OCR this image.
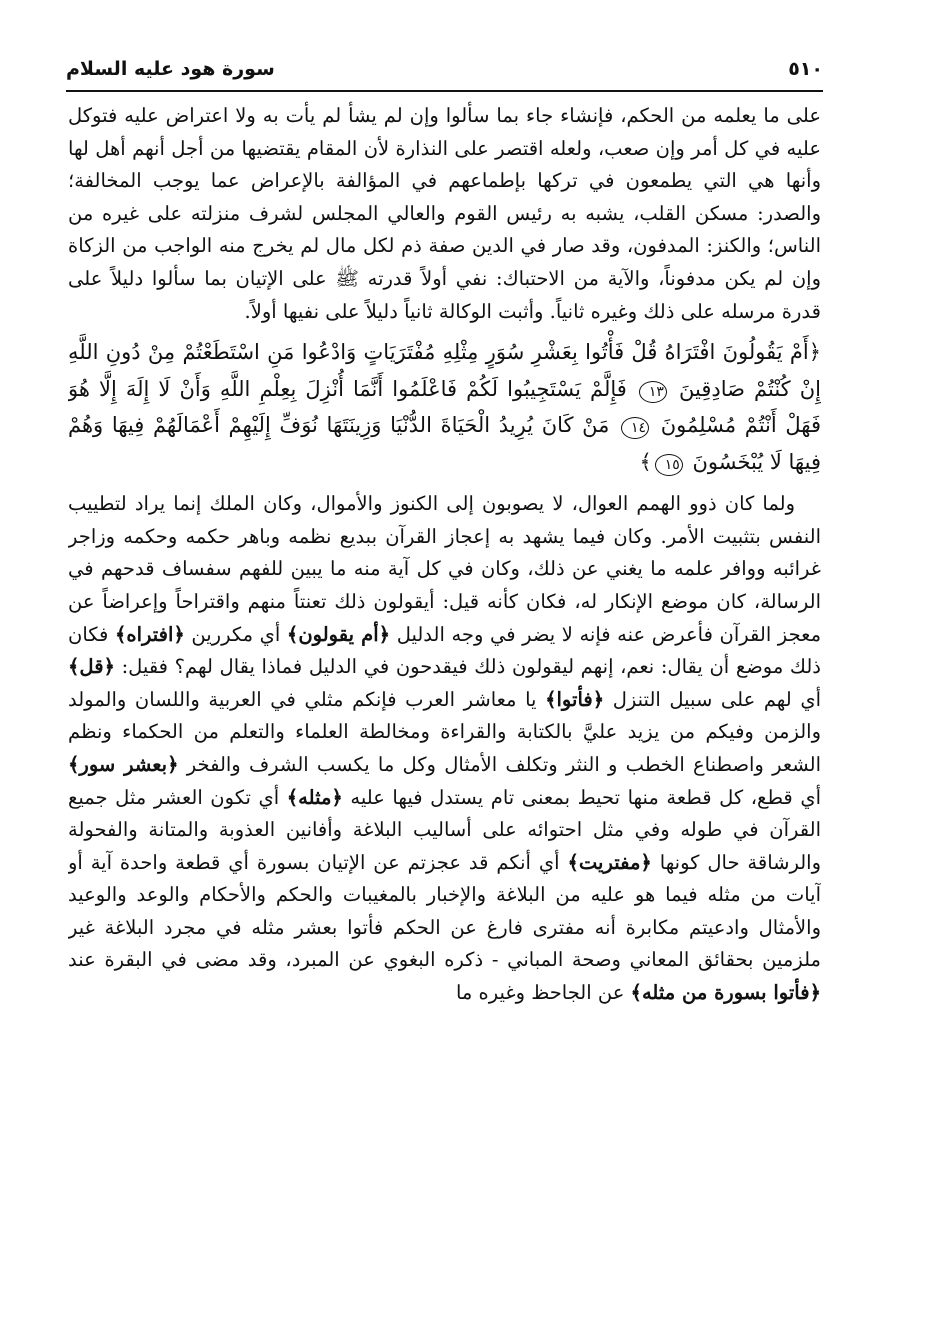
٥١٠
سورة هود عليه السلام

على ما يعلمه من الحكم، فإنشاء جاء بما سألوا وإن لم يشأ لم يأت به ولا اعتراض عليه فتوكل عليه في كل أمر وإن صعب، ولعله اقتصر على النذارة لأن المقام يقتضيها من أجل أنهم أهل لها وأنها هي التي يطمعون في تركها بإطماعهم في المؤالفة بالإعراض عما يوجب المخالفة؛ والصدر: مسكن القلب، يشبه به رئيس القوم والعالي المجلس لشرف منزلته على غيره من الناس؛ والكنز: المدفون، وقد صار في الدين صفة ذم لكل مال لم يخرج منه الواجب من الزكاة وإن لم يكن مدفوناً، والآية من الاحتباك: نفي أولاً قدرته ﷺ على الإتيان بما سألوا دليلاً على قدرة مرسله على ذلك وغيره ثانياً. وأثبت الوكالة ثانياً دليلاً على نفيها أولاً.

﴿أَمْ يَقُولُونَ افْتَرَاهُ قُلْ فَأْتُوا بِعَشْرِ سُوَرٍ مِثْلِهِ مُفْتَرَيَاتٍ وَادْعُوا مَنِ اسْتَطَعْتُمْ مِنْ دُونِ اللَّهِ إِنْ كُنْتُمْ صَادِقِينَ ١٣ فَإِلَّمْ يَسْتَجِيبُوا لَكُمْ فَاعْلَمُوا أَنَّمَا أُنْزِلَ بِعِلْمِ اللَّهِ وَأَنْ لَا إِلَهَ إِلَّا هُوَ فَهَلْ أَنْتُمْ مُسْلِمُونَ ١٤ مَنْ كَانَ يُرِيدُ الْحَيَاةَ الدُّنْيَا وَزِينَتَهَا نُوَفِّ إِلَيْهِمْ أَعْمَالَهُمْ فِيهَا وَهُمْ فِيهَا لَا يُبْخَسُونَ ١٥﴾

ولما كان ذوو الهمم العوال، لا يصوبون إلى الكنوز والأموال، وكان الملك إنما يراد لتطييب النفس بتثبيت الأمر. وكان فيما يشهد به إعجاز القرآن ببديع نظمه وباهر حكمه وحكمه وزاجر غرائبه ووافر علمه ما يغني عن ذلك، وكان في كل آية منه ما يبين للفهم سفساف قدحهم في الرسالة، كان موضع الإنكار له، فكان كأنه قيل: أيقولون ذلك تعنتاً منهم واقتراحاً وإعراضاً عن معجز القرآن فأعرض عنه فإنه لا يضر في وجه الدليل ﴿أم يقولون﴾ أي مكررين ﴿افتراه﴾ فكان ذلك موضع أن يقال: نعم، إنهم ليقولون ذلك فيقدحون في الدليل فماذا يقال لهم؟ فقيل: ﴿قل﴾ أي لهم على سبيل التنزل ﴿فأتوا﴾ يا معاشر العرب فإنكم مثلي في العربية واللسان والمولد والزمن وفيكم من يزيد عليَّ بالكتابة والقراءة ومخالطة العلماء والتعلم من الحكماء ونظم الشعر واصطناع الخطب و النثر وتكلف الأمثال وكل ما يكسب الشرف والفخر ﴿بعشر سور﴾ أي قطع، كل قطعة منها تحيط بمعنى تام يستدل فيها عليه ﴿مثله﴾ أي تكون العشر مثل جميع القرآن في طوله وفي مثل احتوائه على أساليب البلاغة وأفانين العذوبة والمتانة والفحولة والرشاقة حال كونها ﴿مفتريت﴾ أي أنكم قد عجزتم عن الإتيان بسورة أي قطعة واحدة آية أو آيات من مثله فيما هو عليه من البلاغة والإخبار بالمغيبات والحكم والأحكام والوعد والوعيد والأمثال وادعيتم مكابرة أنه مفترى فارغ عن الحكم فأتوا بعشر مثله في مجرد البلاغة غير ملزمين بحقائق المعاني وصحة المباني - ذكره البغوي عن المبرد، وقد مضى في البقرة عند ﴿فأتوا بسورة من مثله﴾ عن الجاحظ وغيره ما
